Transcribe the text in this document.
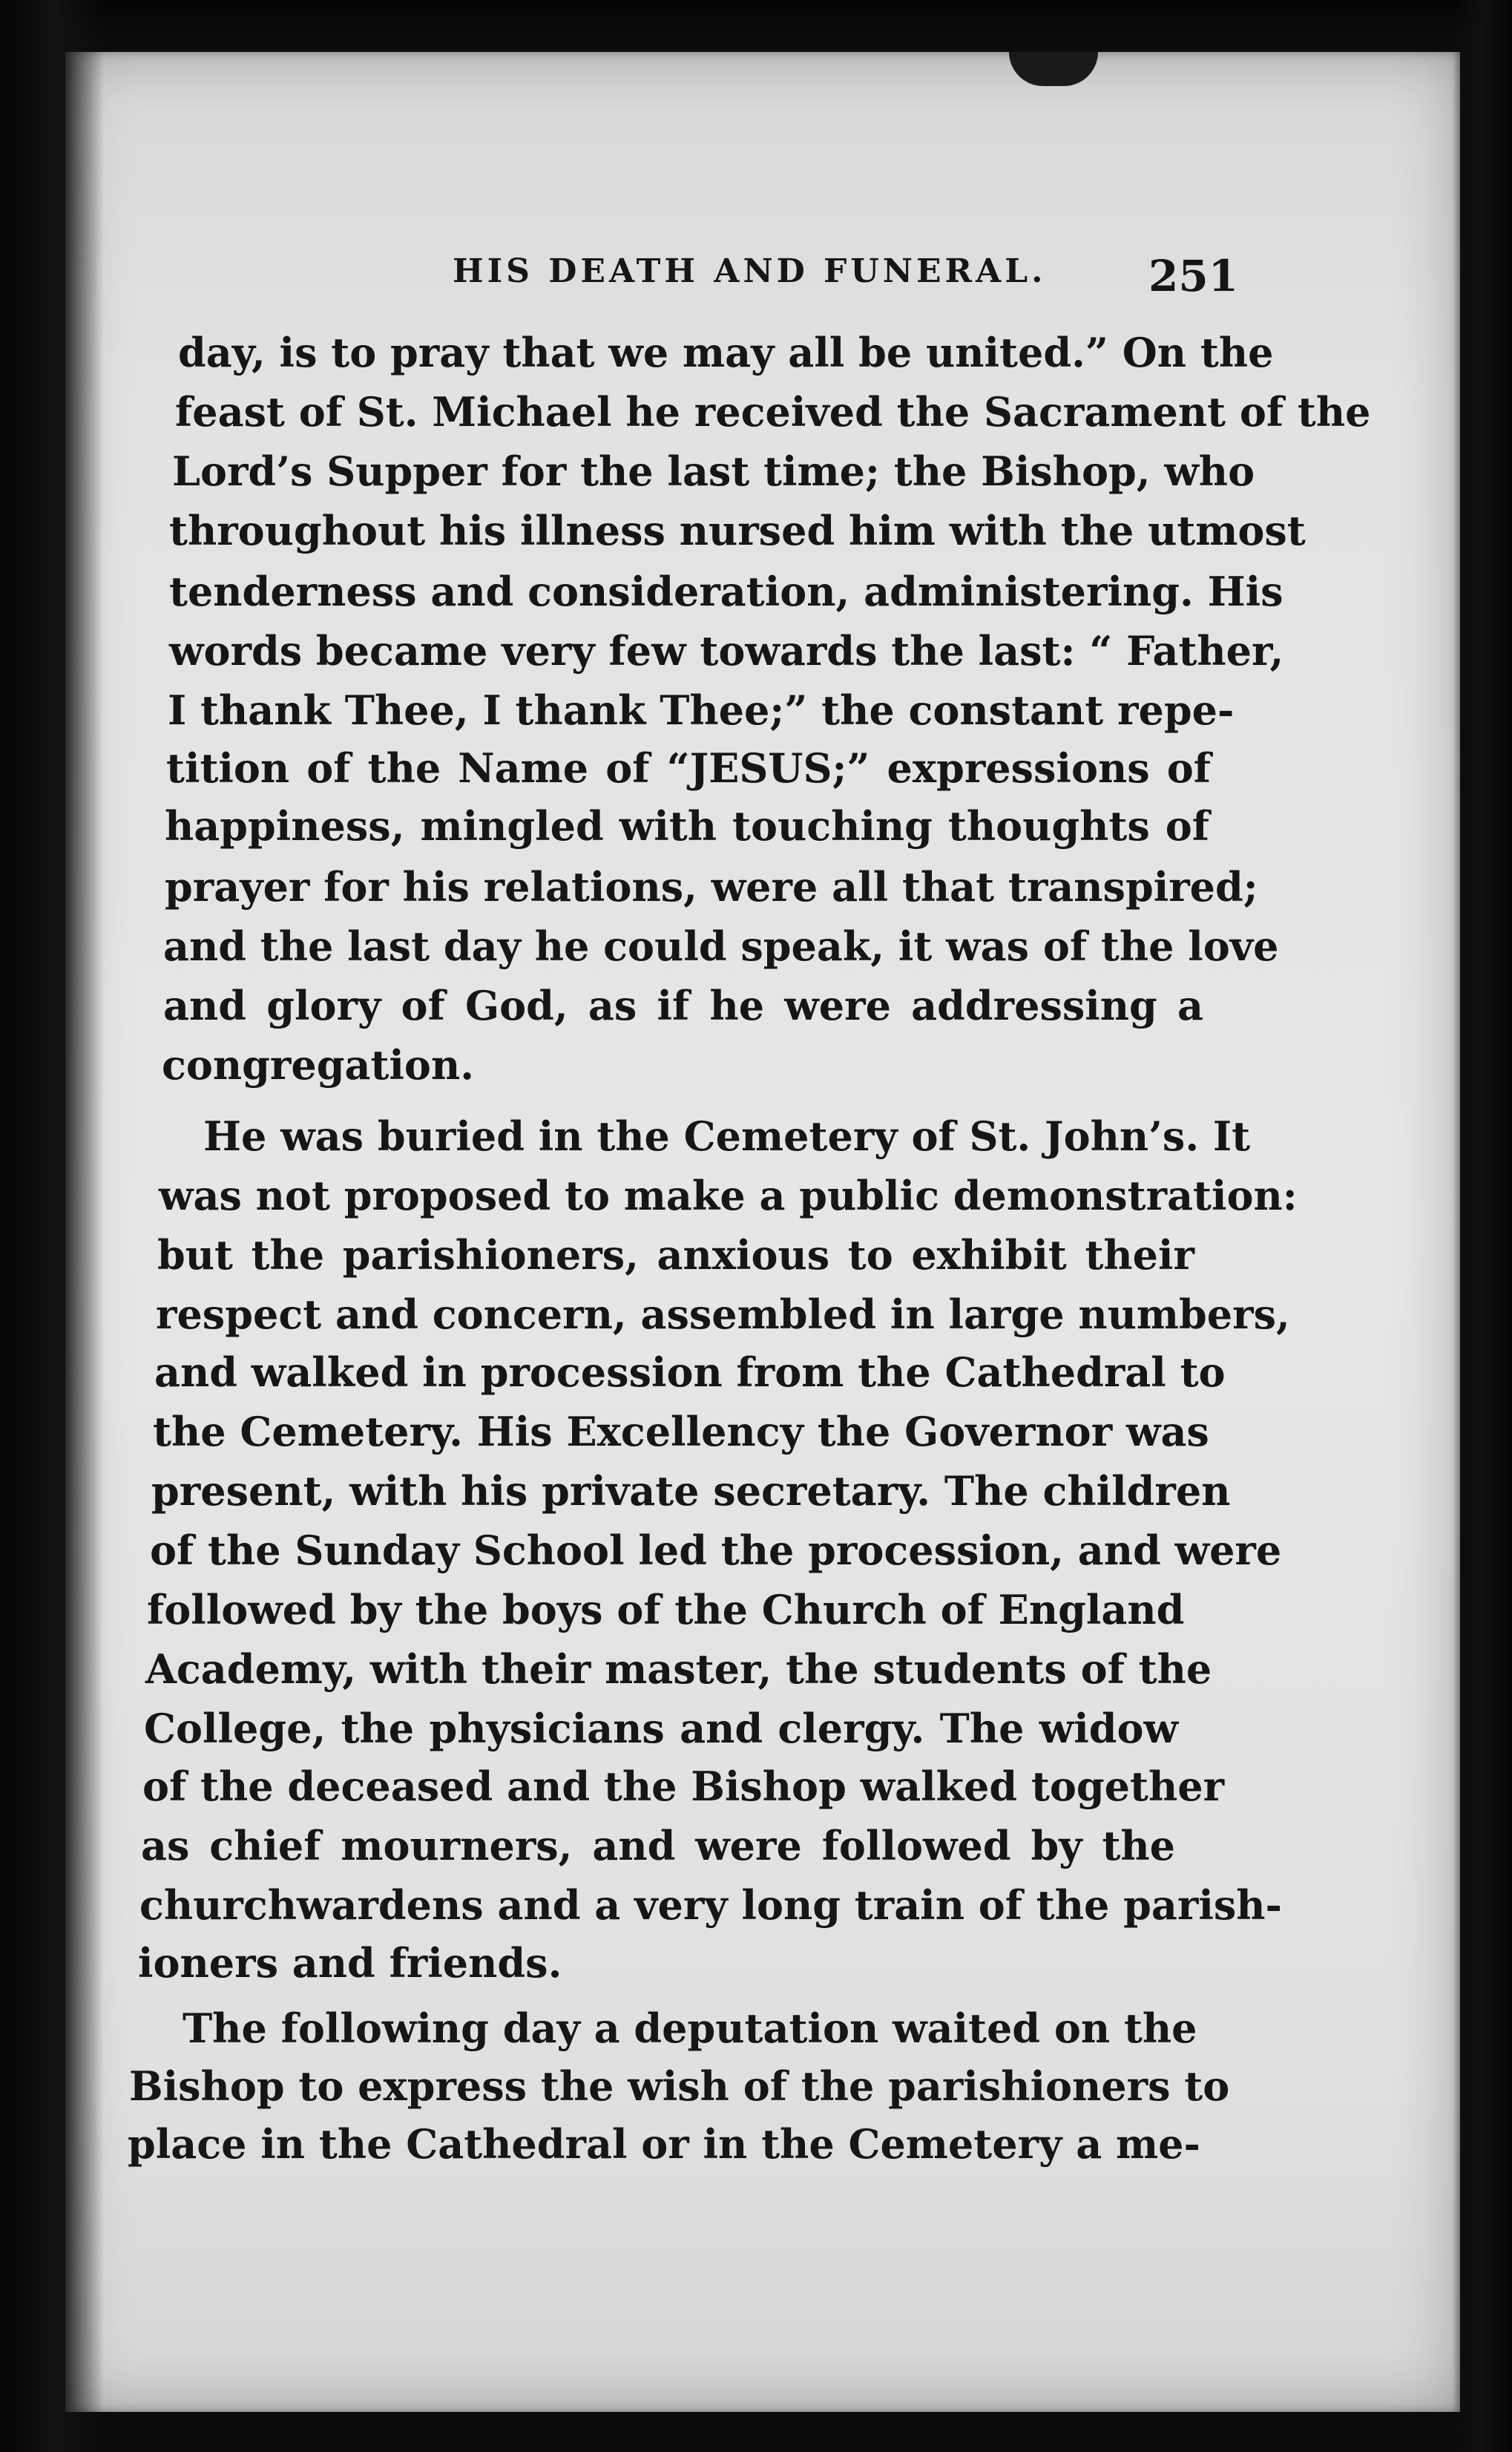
HIS DEATH AND FUNERAL. 251
day, is to pray that we may all be united.” On the
feast of St. Michael he received the Sacrament of the
Lord’s Supper for the last time; the Bishop, who
throughout his illness nursed him with the utmost
tenderness and consideration, administering. His
words became very few towards the last: “ Father,
I thank Thee, I thank Thee;” the constant repe-
tition of the Name of “JESUS;” expressions of
happiness, mingled with touching thoughts of
prayer for his relations, were all that transpired;
and the last day he could speak, it was of the love
and glory of God, as if he were addressing a
congregation.
He was buried in the Cemetery of St. John’s. It
was not proposed to make a public demonstration:
but the parishioners, anxious to exhibit their
respect and concern, assembled in large numbers,
and walked in procession from the Cathedral to
the Cemetery. His Excellency the Governor was
present, with his private secretary. The children
of the Sunday School led the procession, and were
followed by the boys of the Church of England
Academy, with their master, the students of the
College, the physicians and clergy. The widow
of the deceased and the Bishop walked together
as chief mourners, and were followed by the
churchwardens and a very long train of the parish-
ioners and friends.
The following day a deputation waited on the
Bishop to express the wish of the parishioners to
place in the Cathedral or in the Cemetery a me-
